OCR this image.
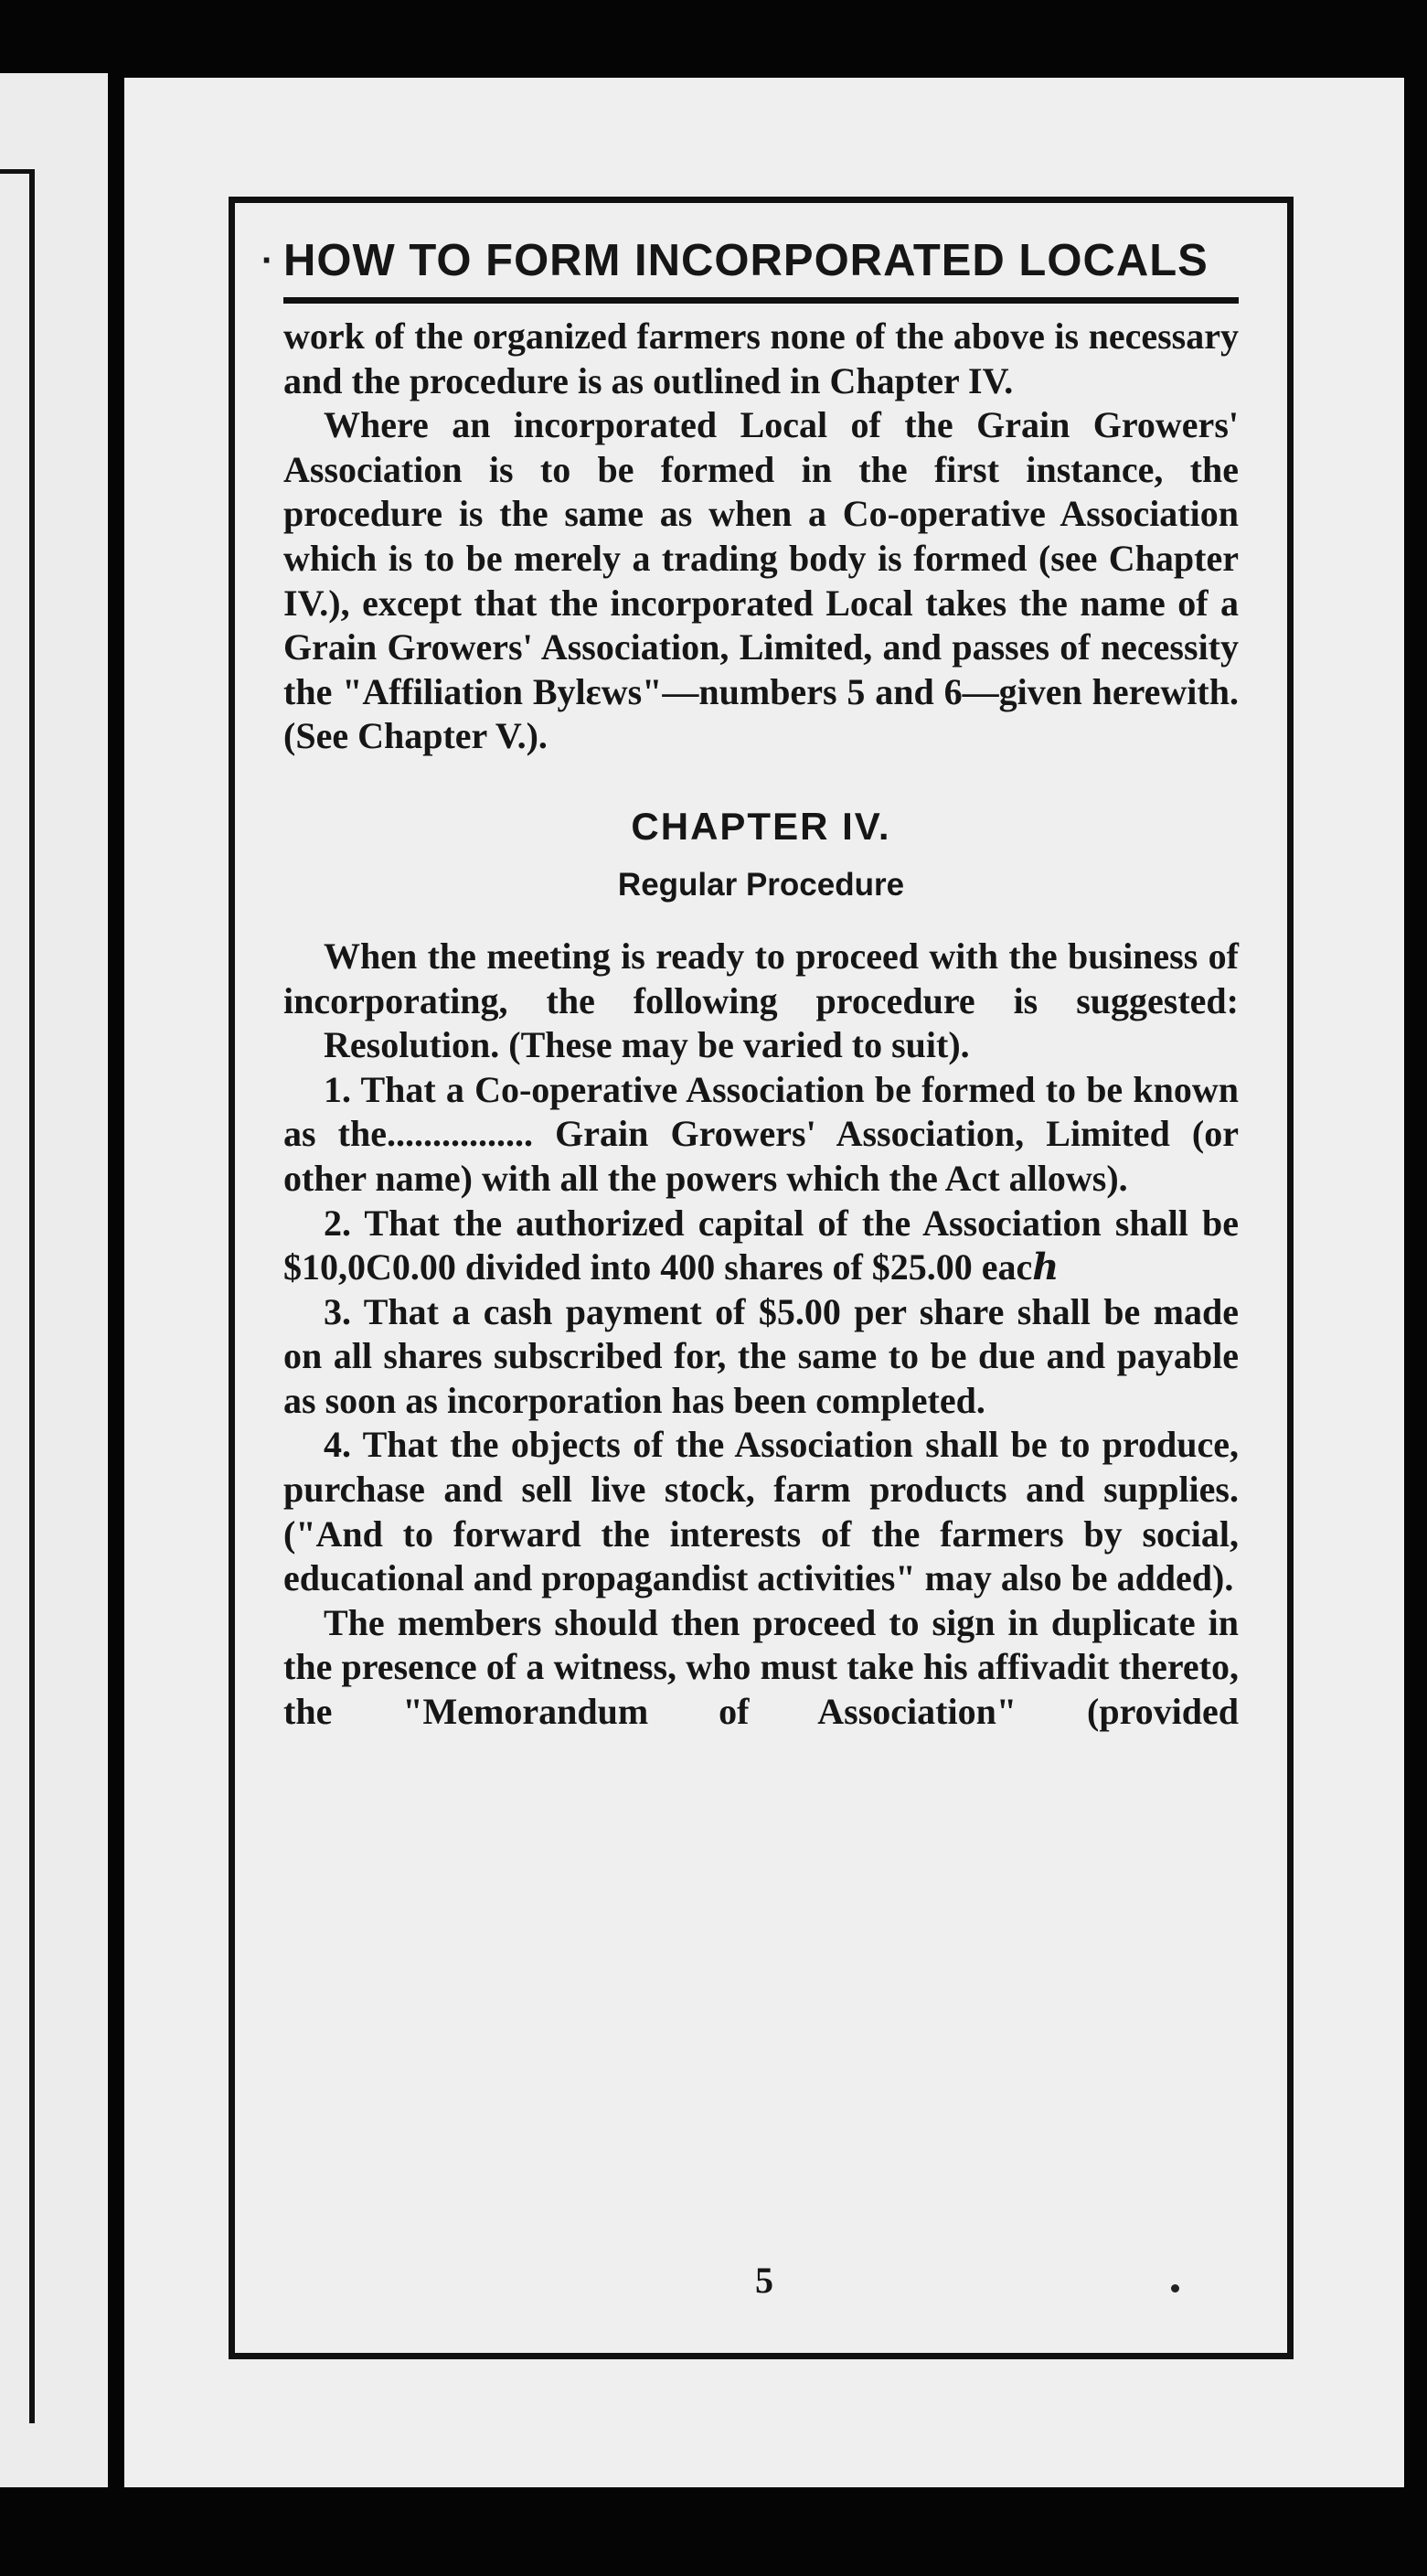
· HOW TO FORM INCORPORATED LOCALS

work of the organized farmers none of the above is necessary and the procedure is as outlined in Chapter IV.

Where an incorporated Local of the Grain Growers' Association is to be formed in the first instance, the procedure is the same as when a Co-operative Association which is to be merely a trading body is formed (see Chapter IV.), except that the incorporated Local takes the name of a Grain Growers' Association, Limited, and passes of necessity the "Affiliation Bylεws"—numbers 5 and 6—given herewith. (See Chapter V.).

CHAPTER IV.
Regular Procedure

When the meeting is ready to proceed with the business of incorporating, the following procedure is suggested:

Resolution. (These may be varied to suit).

1. That a Co-operative Association be formed to be known as the................ Grain Growers' Association, Limited (or other name) with all the powers which the Act allows).

2. That the authorized capital of the Association shall be $10,0C0.00 divided into 400 shares of $25.00 eacℎ

3. That a cash payment of $5.00 per share shall be made on all shares subscribed for, the same to be due and payable as soon as incorporation has been completed.

4. That the objects of the Association shall be to produce, purchase and sell live stock, farm products and supplies. ("And to forward the interests of the farmers by social, educational and propagandist activities" may also be added).

The members should then proceed to sign in duplicate in the presence of a witness, who must take his affivadit thereto, the "Memorandum of Association" (provided

5
